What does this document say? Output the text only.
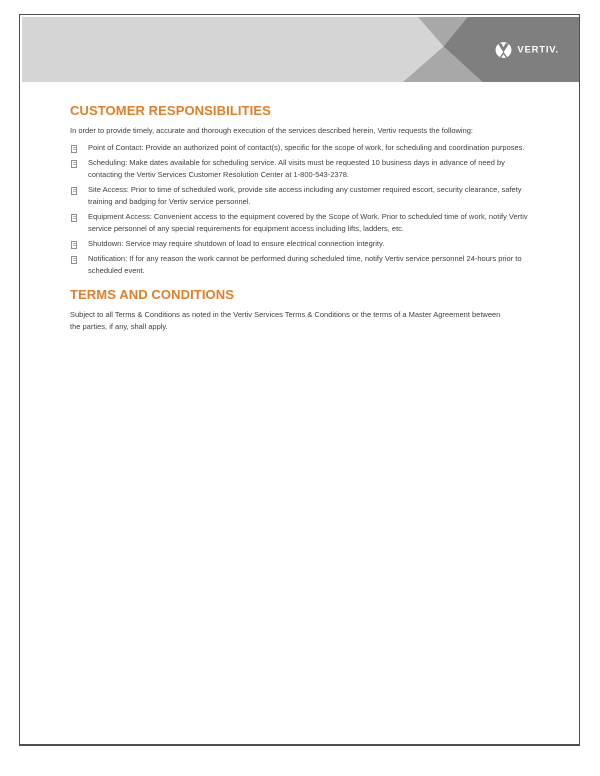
VERTIV.
CUSTOMER RESPONSIBILITIES

In order to provide timely, accurate and thorough execution of the services described herein, Vertiv requests the following:

Point of Contact: Provide an authorized point of contact(s), specific for the scope of work, for scheduling and coordination purposes.
Scheduling: Make dates available for scheduling service. All visits must be requested 10 business days in advance of need by contacting the Vertiv Services Customer Resolution Center at 1-800-543-2378.
Site Access: Prior to time of scheduled work, provide site access including any customer required escort, security clearance, safety training and badging for Vertiv service personnel.
Equipment Access: Convenient access to the equipment covered by the Scope of Work. Prior to scheduled time of work, notify Vertiv service personnel of any special requirements for equipment access including lifts, ladders, etc.
Shutdown: Service may require shutdown of load to ensure electrical connection integrity.
Notification: If for any reason the work cannot be performed during scheduled time, notify Vertiv service personnel 24-hours prior to scheduled event.
TERMS AND CONDITIONS

Subject to all Terms & Conditions as noted in the Vertiv Services Terms & Conditions or the terms of a Master Agreement between the parties, if any, shall apply.
